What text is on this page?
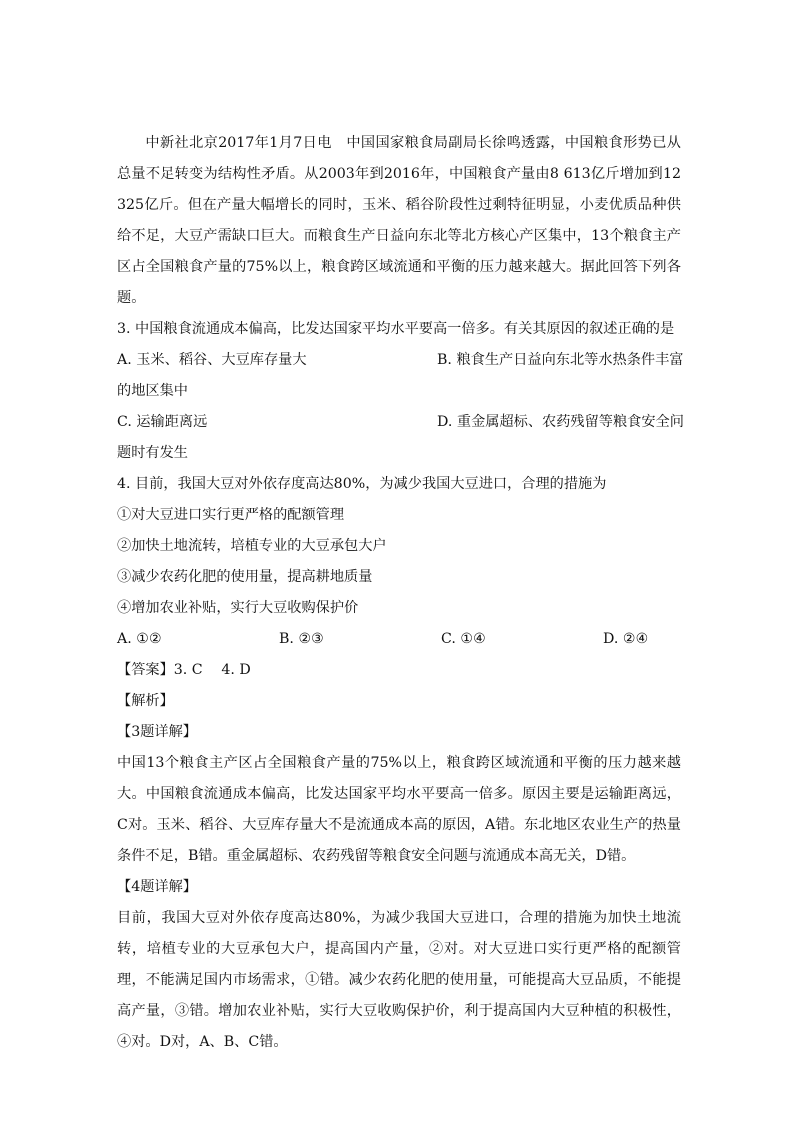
中新社北京2017年1月7日电　中国国家粮食局副局长徐鸣透露，中国粮食形势已从总量不足转变为结构性矛盾。从2003年到2016年，中国粮食产量由8 613亿斤增加到12 325亿斤。但在产量大幅增长的同时，玉米、稻谷阶段性过剩特征明显，小麦优质品种供给不足，大豆产需缺口巨大。而粮食生产日益向东北等北方核心产区集中，13个粮食主产区占全国粮食产量的75%以上，粮食跨区域流通和平衡的压力越来越大。据此回答下列各题。

3. 中国粮食流通成本偏高，比发达国家平均水平要高一倍多。有关其原因的叙述正确的是

A. 玉米、稻谷、大豆库存量大	B. 粮食生产日益向东北等水热条件丰富

的地区集中

C. 运输距离远	D. 重金属超标、农药残留等粮食安全问

题时有发生

4. 目前，我国大豆对外依存度高达80%，为减少我国大豆进口，合理的措施为

①对大豆进口实行更严格的配额管理

②加快土地流转，培植专业的大豆承包大户

③减少农药化肥的使用量，提高耕地质量

④增加农业补贴，实行大豆收购保护价

A. ①②	B. ②③	C. ①④	D. ②④

【答案】3. C　 4. D

【解析】

【3题详解】

中国13个粮食主产区占全国粮食产量的75%以上，粮食跨区域流通和平衡的压力越来越大。中国粮食流通成本偏高，比发达国家平均水平要高一倍多。原因主要是运输距离远，C对。玉米、稻谷、大豆库存量大不是流通成本高的原因，A错。东北地区农业生产的热量条件不足，B错。重金属超标、农药残留等粮食安全问题与流通成本高无关，D错。

【4题详解】

目前，我国大豆对外依存度高达80%，为减少我国大豆进口，合理的措施为加快土地流转，培植专业的大豆承包大户，提高国内产量，②对。对大豆进口实行更严格的配额管理，不能满足国内市场需求，①错。减少农药化肥的使用量，可能提高大豆品质，不能提高产量，③错。增加农业补贴，实行大豆收购保护价，利于提高国内大豆种植的积极性，④对。D对，A、B、C错。
